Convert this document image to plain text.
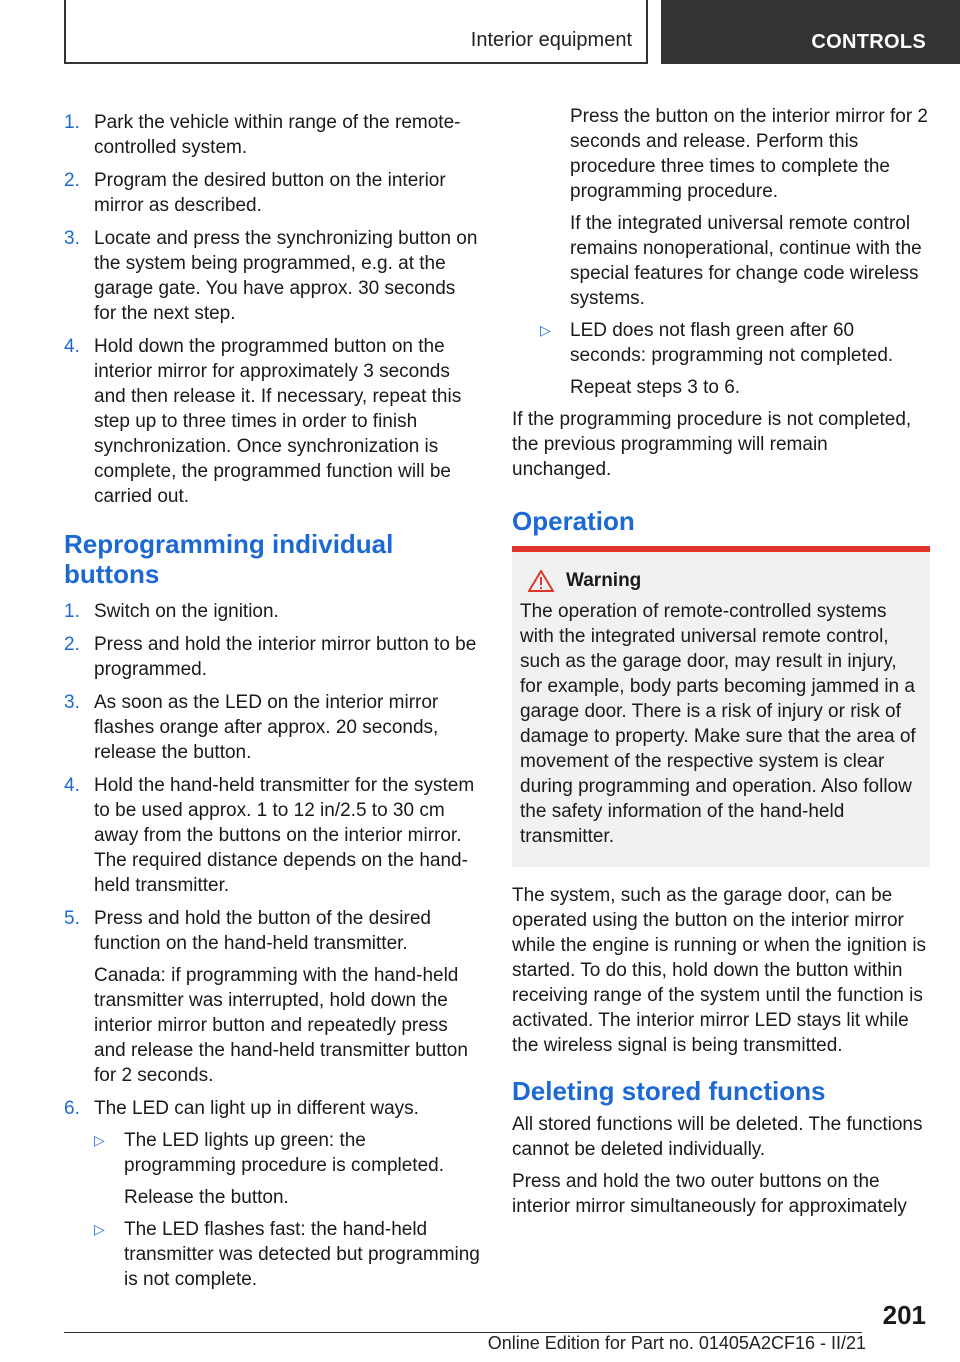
Interior equipment	CONTROLS
1. Park the vehicle within range of the remote-controlled system.
2. Program the desired button on the interior mirror as described.
3. Locate and press the synchronizing button on the system being programmed, e.g. at the garage gate. You have approx. 30 seconds for the next step.
4. Hold down the programmed button on the interior mirror for approximately 3 seconds and then release it. If necessary, repeat this step up to three times in order to finish synchronization. Once synchronization is complete, the programmed function will be carried out.
Reprogramming individual buttons
1. Switch on the ignition.
2. Press and hold the interior mirror button to be programmed.
3. As soon as the LED on the interior mirror flashes orange after approx. 20 seconds, release the button.
4. Hold the hand-held transmitter for the system to be used approx. 1 to 12 in/2.5 to 30 cm away from the buttons on the interior mirror. The required distance depends on the hand-held transmitter.
5. Press and hold the button of the desired function on the hand-held transmitter.

Canada: if programming with the hand-held transmitter was interrupted, hold down the interior mirror button and repeatedly press and release the hand-held transmitter button for 2 seconds.

6. The LED can light up in different ways.
▷ The LED lights up green: the programming procedure is completed.

Release the button.

▷ The LED flashes fast: the hand-held transmitter was detected but programming is not complete.

Press the button on the interior mirror for 2 seconds and release. Perform this procedure three times to complete the programming procedure.

If the integrated universal remote control remains nonoperational, continue with the special features for change code wireless systems.

▷ LED does not flash green after 60 seconds: programming not completed.

Repeat steps 3 to 6.

If the programming procedure is not completed, the previous programming will remain unchanged.

Operation
Warning

The operation of remote-controlled systems with the integrated universal remote control, such as the garage door, may result in injury, for example, body parts becoming jammed in a garage door. There is a risk of injury or risk of damage to property. Make sure that the area of movement of the respective system is clear during programming and operation. Also follow the safety information of the hand-held transmitter.

The system, such as the garage door, can be operated using the button on the interior mirror while the engine is running or when the ignition is started. To do this, hold down the button within receiving range of the system until the function is activated. The interior mirror LED stays lit while the wireless signal is being transmitted.

Deleting stored functions

All stored functions will be deleted. The functions cannot be deleted individually.

Press and hold the two outer buttons on the interior mirror simultaneously for approximately

201
Online Edition for Part no. 01405A2CF16 - II/21
